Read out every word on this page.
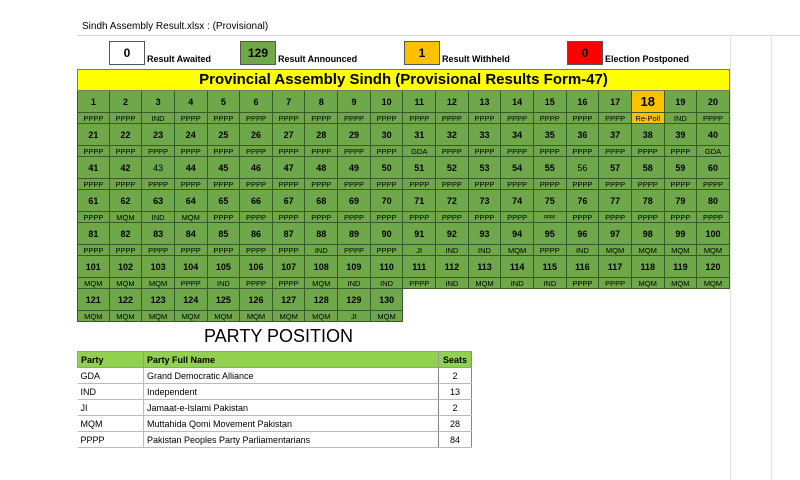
Sindh Assembly Result.xlsx : (Provisional)
0	Result Awaited	129	Result Announced	1	Result Withheld	0	Election Postponed
Provincial Assembly Sindh (Provisional Results Form-47)
1	2	3	4	5	6	7	8	9	10	11	12	13	14	15	16	17	18	19	20
PPPP	PPPP	IND	PPPP	PPPP	PPPP	PPPP	PPPP	PPPP	PPPP	PPPP	PPPP	PPPP	PPPP	PPPP	PPPP	PPPP	Re-Poll	IND	PPPP
21	22	23	24	25	26	27	28	29	30	31	32	33	34	35	36	37	38	39	40
PPPP	PPPP	PPPP	PPPP	PPPP	PPPP	PPPP	PPPP	PPPP	PPPP	GDA	PPPP	PPPP	PPPP	PPPP	PPPP	PPPP	PPPP	PPPP	GDA
41	42	43	44	45	46	47	48	49	50	51	52	53	54	55	56	57	58	59	60
PPPP	PPPP	PPPP	PPPP	PPPP	PPPP	PPPP	PPPP	PPPP	PPPP	PPPP	PPPP	PPPP	PPPP	PPPP	PPPP	PPPP	PPPP	PPPP	PPPP
61	62	63	64	65	66	67	68	69	70	71	72	73	74	75	76	77	78	79	80
PPPP	MQM	IND	MQM	PPPP	PPPP	PPPP	PPPP	PPPP	PPPP	PPPP	PPPP	PPPP	PPPP	pppp	PPPP	PPPP	PPPP	PPPP	PPPP
81	82	83	84	85	86	87	88	89	90	91	92	93	94	95	96	97	98	99	100
PPPP	PPPP	PPPP	PPPP	PPPP	PPPP	PPPP	IND	PPPP	PPPP	JI	IND	IND	MQM	PPPP	IND	MQM	MQM	MQM	MQM
101	102	103	104	105	106	107	108	109	110	111	112	113	114	115	116	117	118	119	120
MQM	MQM	MQM	PPPP	IND	PPPP	PPPP	MQM	IND	IND	PPPP	IND	MQM	IND	IND	PPPP	PPPP	MQM	MQM	MQM
121	122	123	124	125	126	127	128	129	130
MQM	MQM	MQM	MQM	MQM	MQM	MQM	MQM	JI	MQM
PARTY POSITION
Party	Party Full Name	Seats
GDA	Grand Democratic Alliance	2
IND	Independent	13
JI	Jamaat-e-Islami Pakistan	2
MQM	Muttahida Qomi Movement Pakistan	28
PPPP	Pakistan Peoples Party Parliamentarians	84
